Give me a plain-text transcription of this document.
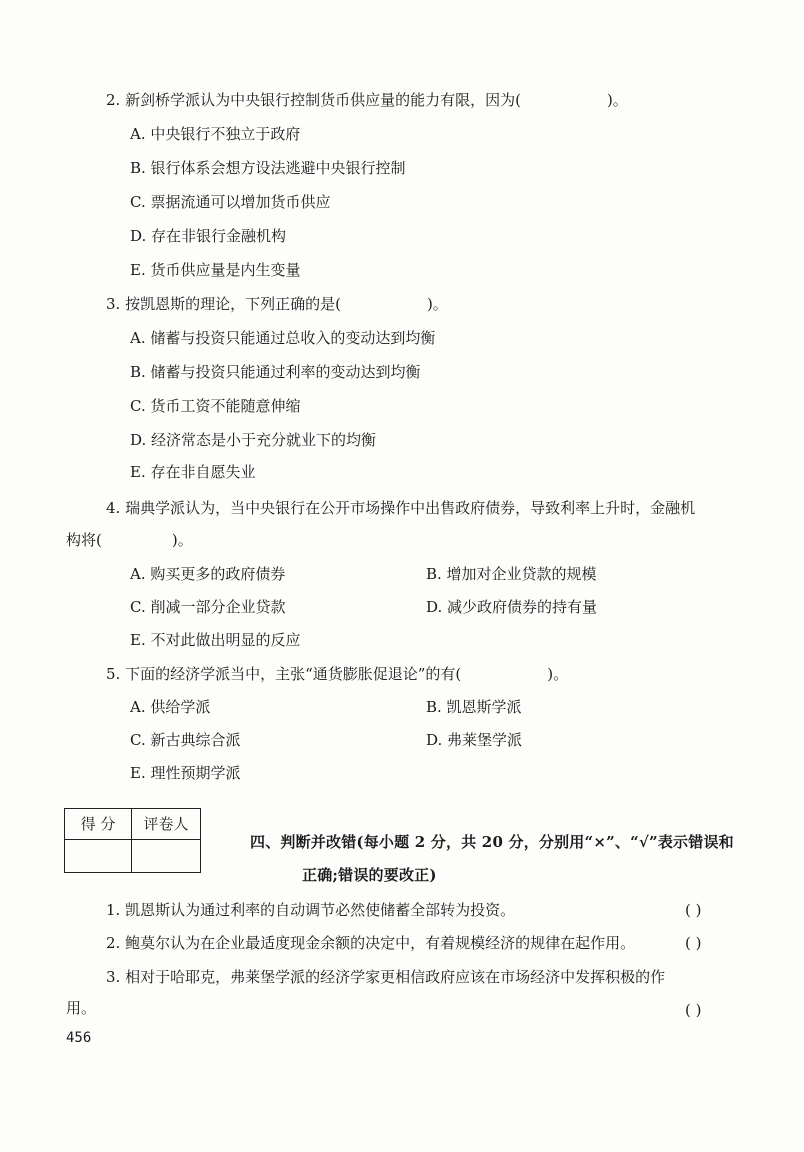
2. 新剑桥学派认为中央银行控制货币供应量的能力有限，因为(	)。
A. 中央银行不独立于政府
B. 银行体系会想方设法逃避中央银行控制
C. 票据流通可以增加货币供应
D. 存在非银行金融机构
E. 货币供应量是内生变量
3. 按凯恩斯的理论，下列正确的是(	)。
A. 储蓄与投资只能通过总收入的变动达到均衡
B. 储蓄与投资只能通过利率的变动达到均衡
C. 货币工资不能随意伸缩
D. 经济常态是小于充分就业下的均衡
E. 存在非自愿失业
4. 瑞典学派认为，当中央银行在公开市场操作中出售政府债券，导致利率上升时，金融机
构将(	)。
A. 购买更多的政府债券	B. 增加对企业贷款的规模
C. 削减一部分企业贷款	D. 减少政府债券的持有量
E. 不对此做出明显的反应
5. 下面的经济学派当中，主张“通货膨胀促退论”的有(	)。
A. 供给学派	B. 凯恩斯学派
C. 新古典综合派	D. 弗莱堡学派
E. 理性预期学派
得 分	评卷人

四、判断并改错(每小题 2 分，共 20 分，分别用“×”、“√”表示错误和
正确;错误的要改正)
1. 凯恩斯认为通过利率的自动调节必然使储蓄全部转为投资。	( )
2. 鲍莫尔认为在企业最适度现金余额的决定中，有着规模经济的规律在起作用。	( )
3. 相对于哈耶克，弗莱堡学派的经济学家更相信政府应该在市场经济中发挥积极的作
用。	( )
456
